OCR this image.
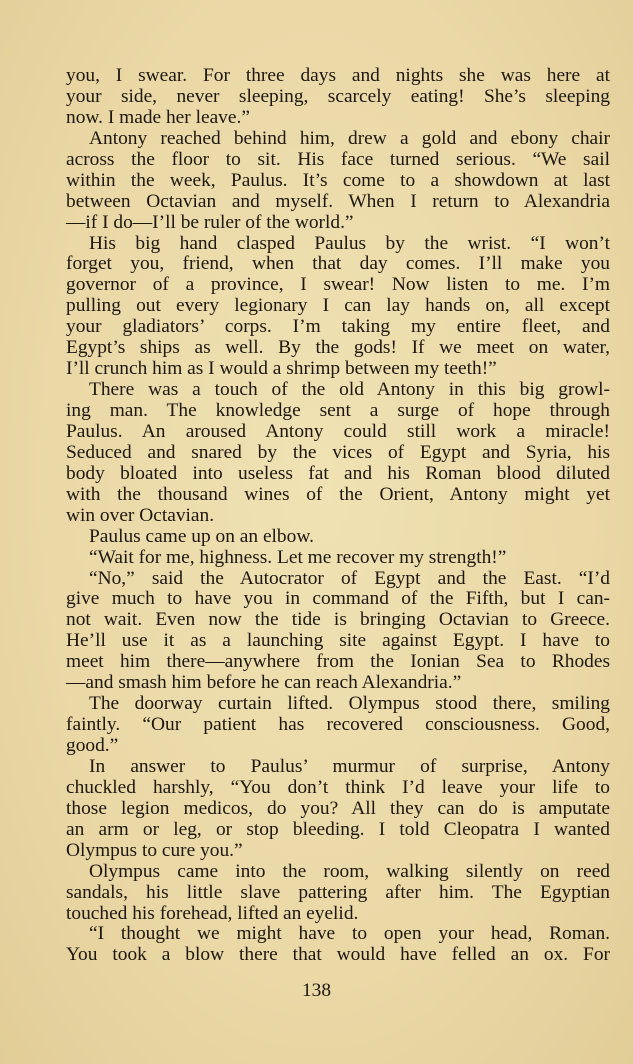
you, I swear. For three days and nights she was here at
your side, never sleeping, scarcely eating! She’s sleeping
now. I made her leave.”
Antony reached behind him, drew a gold and ebony chair
across the floor to sit. His face turned serious. “We sail
within the week, Paulus. It’s come to a showdown at last
between Octavian and myself. When I return to Alexandria
—if I do—I’ll be ruler of the world.”
His big hand clasped Paulus by the wrist. “I won’t
forget you, friend, when that day comes. I’ll make you
governor of a province, I swear! Now listen to me. I’m
pulling out every legionary I can lay hands on, all except
your gladiators’ corps. I’m taking my entire fleet, and
Egypt’s ships as well. By the gods! If we meet on water,
I’ll crunch him as I would a shrimp between my teeth!”
There was a touch of the old Antony in this big growl-
ing man. The knowledge sent a surge of hope through
Paulus. An aroused Antony could still work a miracle!
Seduced and snared by the vices of Egypt and Syria, his
body bloated into useless fat and his Roman blood diluted
with the thousand wines of the Orient, Antony might yet
win over Octavian.
Paulus came up on an elbow.
“Wait for me, highness. Let me recover my strength!”
“No,” said the Autocrator of Egypt and the East. “I’d
give much to have you in command of the Fifth, but I can-
not wait. Even now the tide is bringing Octavian to Greece.
He’ll use it as a launching site against Egypt. I have to
meet him there—anywhere from the Ionian Sea to Rhodes
—and smash him before he can reach Alexandria.”
The doorway curtain lifted. Olympus stood there, smiling
faintly. “Our patient has recovered consciousness. Good,
good.”
In answer to Paulus’ murmur of surprise, Antony
chuckled harshly, “You don’t think I’d leave your life to
those legion medicos, do you? All they can do is amputate
an arm or leg, or stop bleeding. I told Cleopatra I wanted
Olympus to cure you.”
Olympus came into the room, walking silently on reed
sandals, his little slave pattering after him. The Egyptian
touched his forehead, lifted an eyelid.
“I thought we might have to open your head, Roman.
You took a blow there that would have felled an ox. For
138
